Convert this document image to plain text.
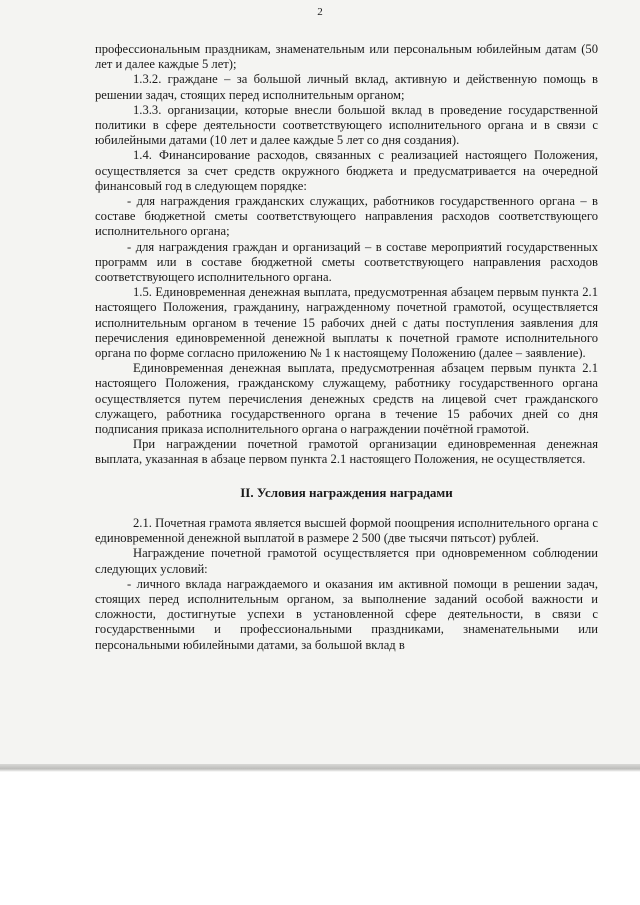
2

профессиональным праздникам, знаменательным или персональным юбилейным датам (50 лет и далее каждые 5 лет);

1.3.2. граждане – за большой личный вклад, активную и действенную помощь в решении задач, стоящих перед исполнительным органом;

1.3.3. организации, которые внесли большой вклад в проведение государственной политики в сфере деятельности соответствующего исполнительного органа и в связи с юбилейными датами (10 лет и далее каждые 5 лет со дня создания).

1.4. Финансирование расходов, связанных с реализацией настоящего Положения, осуществляется за счет средств окружного бюджета и предусматривается на очередной финансовый год в следующем порядке:

- для награждения гражданских служащих, работников государственного органа – в составе бюджетной сметы соответствующего направления расходов соответствующего исполнительного органа;

- для награждения граждан и организаций – в составе мероприятий государственных программ или в составе бюджетной сметы соответствующего направления расходов соответствующего исполнительного органа.

1.5. Единовременная денежная выплата, предусмотренная абзацем первым пункта 2.1 настоящего Положения, гражданину, награжденному почетной грамотой, осуществляется исполнительным органом в течение 15 рабочих дней с даты поступления заявления для перечисления единовременной денежной выплаты к почетной грамоте исполнительного органа по форме согласно приложению № 1 к настоящему Положению (далее – заявление).

Единовременная денежная выплата, предусмотренная абзацем первым пункта 2.1 настоящего Положения, гражданскому служащему, работнику государственного органа осуществляется путем перечисления денежных средств на лицевой счет гражданского служащего, работника государственного органа в течение 15 рабочих дней со дня подписания приказа исполнительного органа о награждении почётной грамотой.

При награждении почетной грамотой организации единовременная денежная выплата, указанная в абзаце первом пункта 2.1 настоящего Положения, не осуществляется.

II. Условия награждения наградами

2.1. Почетная грамота является высшей формой поощрения исполнительного органа с единовременной денежной выплатой в размере 2 500 (две тысячи пятьсот) рублей.

Награждение почетной грамотой осуществляется при одновременном соблюдении следующих условий:

- личного вклада награждаемого и оказания им активной помощи в решении задач, стоящих перед исполнительным органом, за выполнение заданий особой важности и сложности, достигнутые успехи в установленной сфере деятельности, в связи с государственными и профессиональными праздниками, знаменательными или персональными юбилейными датами, за большой вклад в
